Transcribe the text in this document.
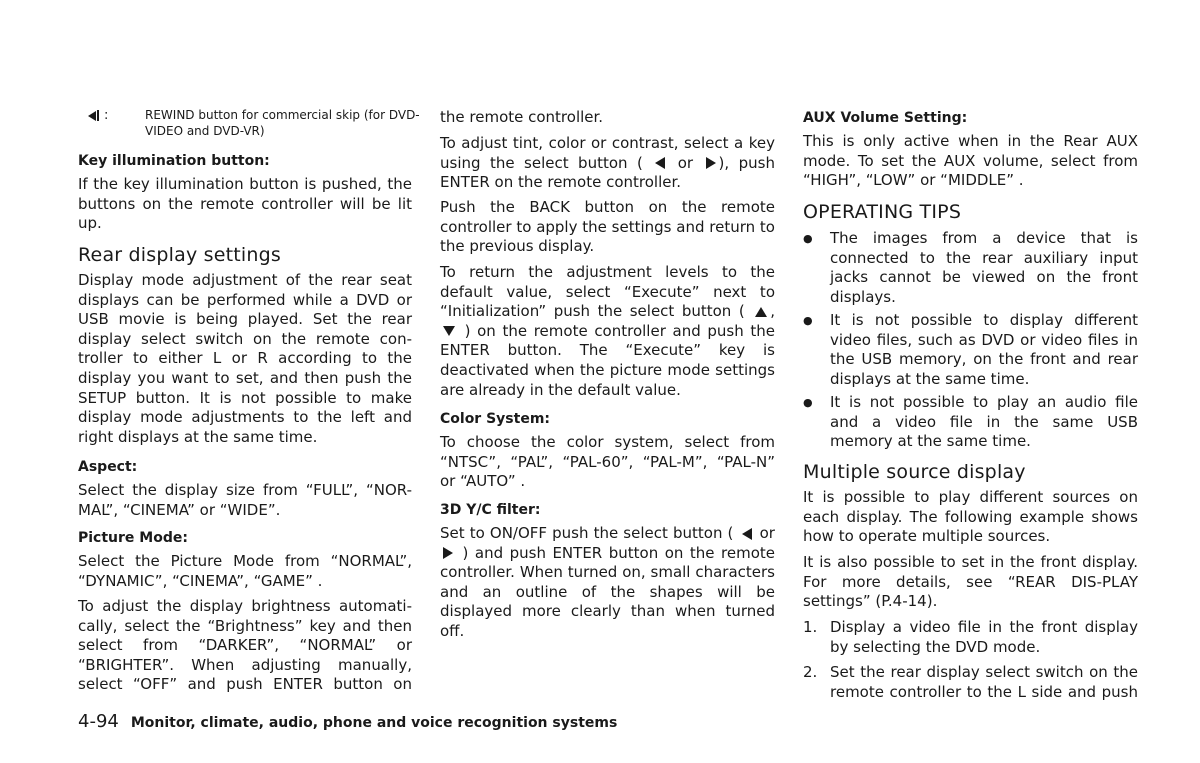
:	REWIND button for commercial skip (for DVD-VIDEO and DVD-VR)
Key illumination button:

If the key illumination button is pushed, the buttons on the remote controller will be lit up.

Rear display settings

Display mode adjustment of the rear seat displays can be performed while a DVD or USB movie is being played. Set the rear display select switch on the remote con-troller to either L or R according to the display you want to set, and then push the SETUP button. It is not possible to make display mode adjustments to the left and right displays at the same time.

Aspect:

Select the display size from “FULL”, “NOR-MAL”, “CINEMA” or “WIDE”.

Picture Mode:

Select the Picture Mode from “NORMAL”, “DYNAMIC”, “CINEMA”, “GAME” .

To adjust the display brightness automati-cally, select the “Brightness” key and then select from “DARKER”, “NORMAL” or “BRIGHTER”. When adjusting manually, select “OFF” and push ENTER button on

the remote controller.

To adjust tint, color or contrast, select a key using the select button ( or ), push ENTER on the remote controller.

Push the BACK button on the remote controller to apply the settings and return to the previous display.

To return the adjustment levels to the default value, select “Execute” next to “Initialization” push the select button ( ,  ) on the remote controller and push the ENTER button. The “Execute” key is deactivated when the picture mode settings are already in the default value.

Color System:

To choose the color system, select from “NTSC”, “PAL”, “PAL-60”, “PAL-M”, “PAL-N” or “AUTO” .

3D Y/C filter:

Set to ON/OFF push the select button ( or  ) and push ENTER button on the remote controller. When turned on, small characters and an outline of the shapes will be displayed more clearly than when turned off.

AUX Volume Setting:

This is only active when in the Rear AUX mode. To set the AUX volume, select from “HIGH”, “LOW” or “MIDDLE” .

OPERATING TIPS
●	The images from a device that is connected to the rear auxiliary input jacks cannot be viewed on the front displays.
●	It is not possible to display different video files, such as DVD or video files in the USB memory, on the front and rear displays at the same time.
●	It is not possible to play an audio file and a video file in the same USB memory at the same time.
Multiple source display

It is possible to play different sources on each display. The following example shows how to operate multiple sources.

It is also possible to set in the front display. For more details, see “REAR DIS-PLAY settings” (P.4-14).

1. Display a video file in the front display by selecting the DVD mode.
2. Set the rear display select switch on the remote controller to the L side and push
4-94 Monitor, climate, audio, phone and voice recognition systems
